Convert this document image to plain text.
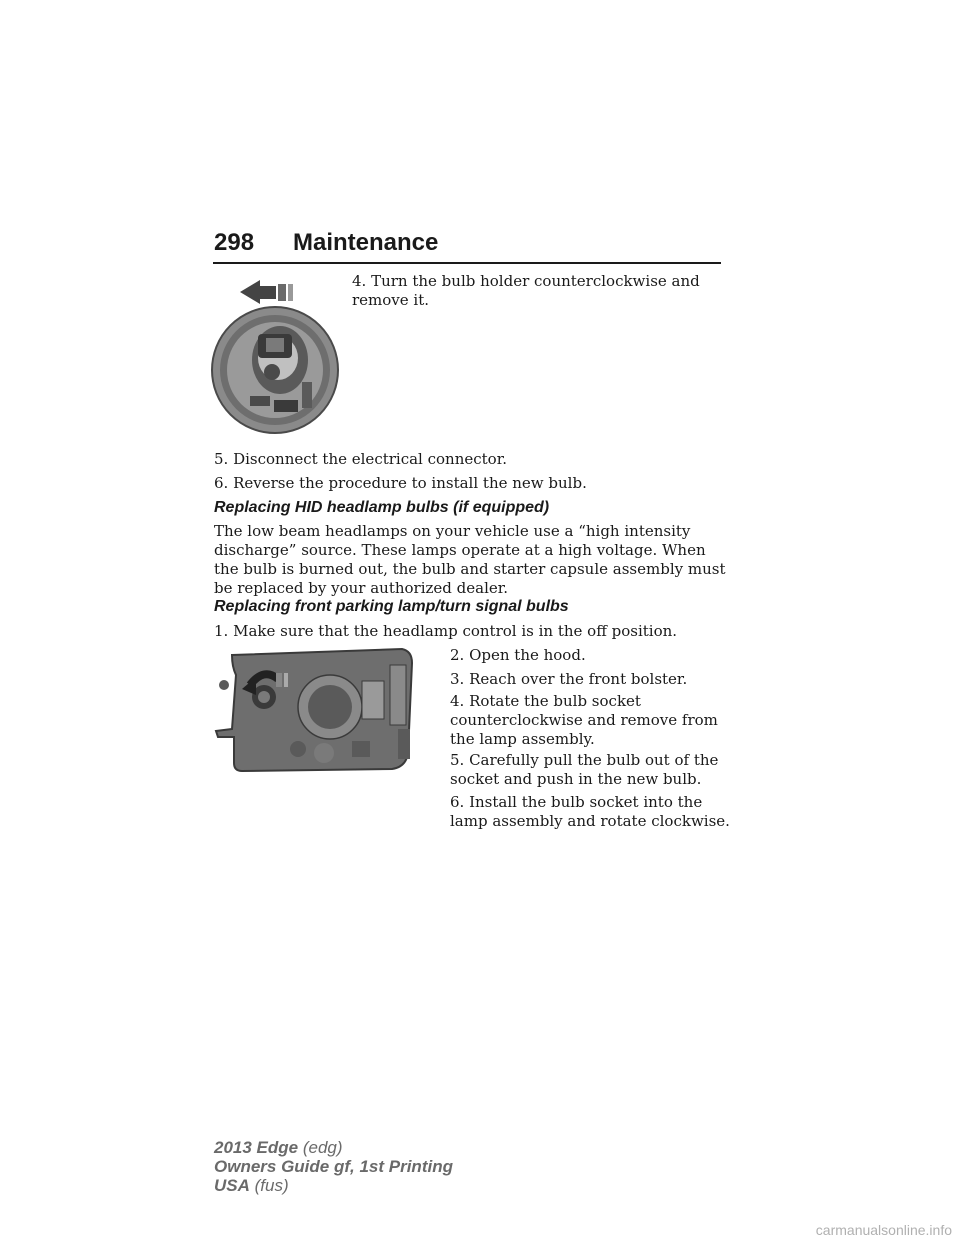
298 Maintenance
4. Turn the bulb holder counterclockwise and remove it.
5. Disconnect the electrical connector.
6. Reverse the procedure to install the new bulb.
Replacing HID headlamp bulbs (if equipped)
The low beam headlamps on your vehicle use a “high intensity discharge” source. These lamps operate at a high voltage. When the bulb is burned out, the bulb and starter capsule assembly must be replaced by your authorized dealer.
Replacing front parking lamp/turn signal bulbs
1. Make sure that the headlamp control is in the off position.
2. Open the hood.
3. Reach over the front bolster.
4. Rotate the bulb socket counterclockwise and remove from the lamp assembly.
5. Carefully pull the bulb out of the socket and push in the new bulb.
6. Install the bulb socket into the lamp assembly and rotate clockwise.
2013 Edge (edg)
Owners Guide gf, 1st Printing
USA (fus)
carmanualsonline.info
